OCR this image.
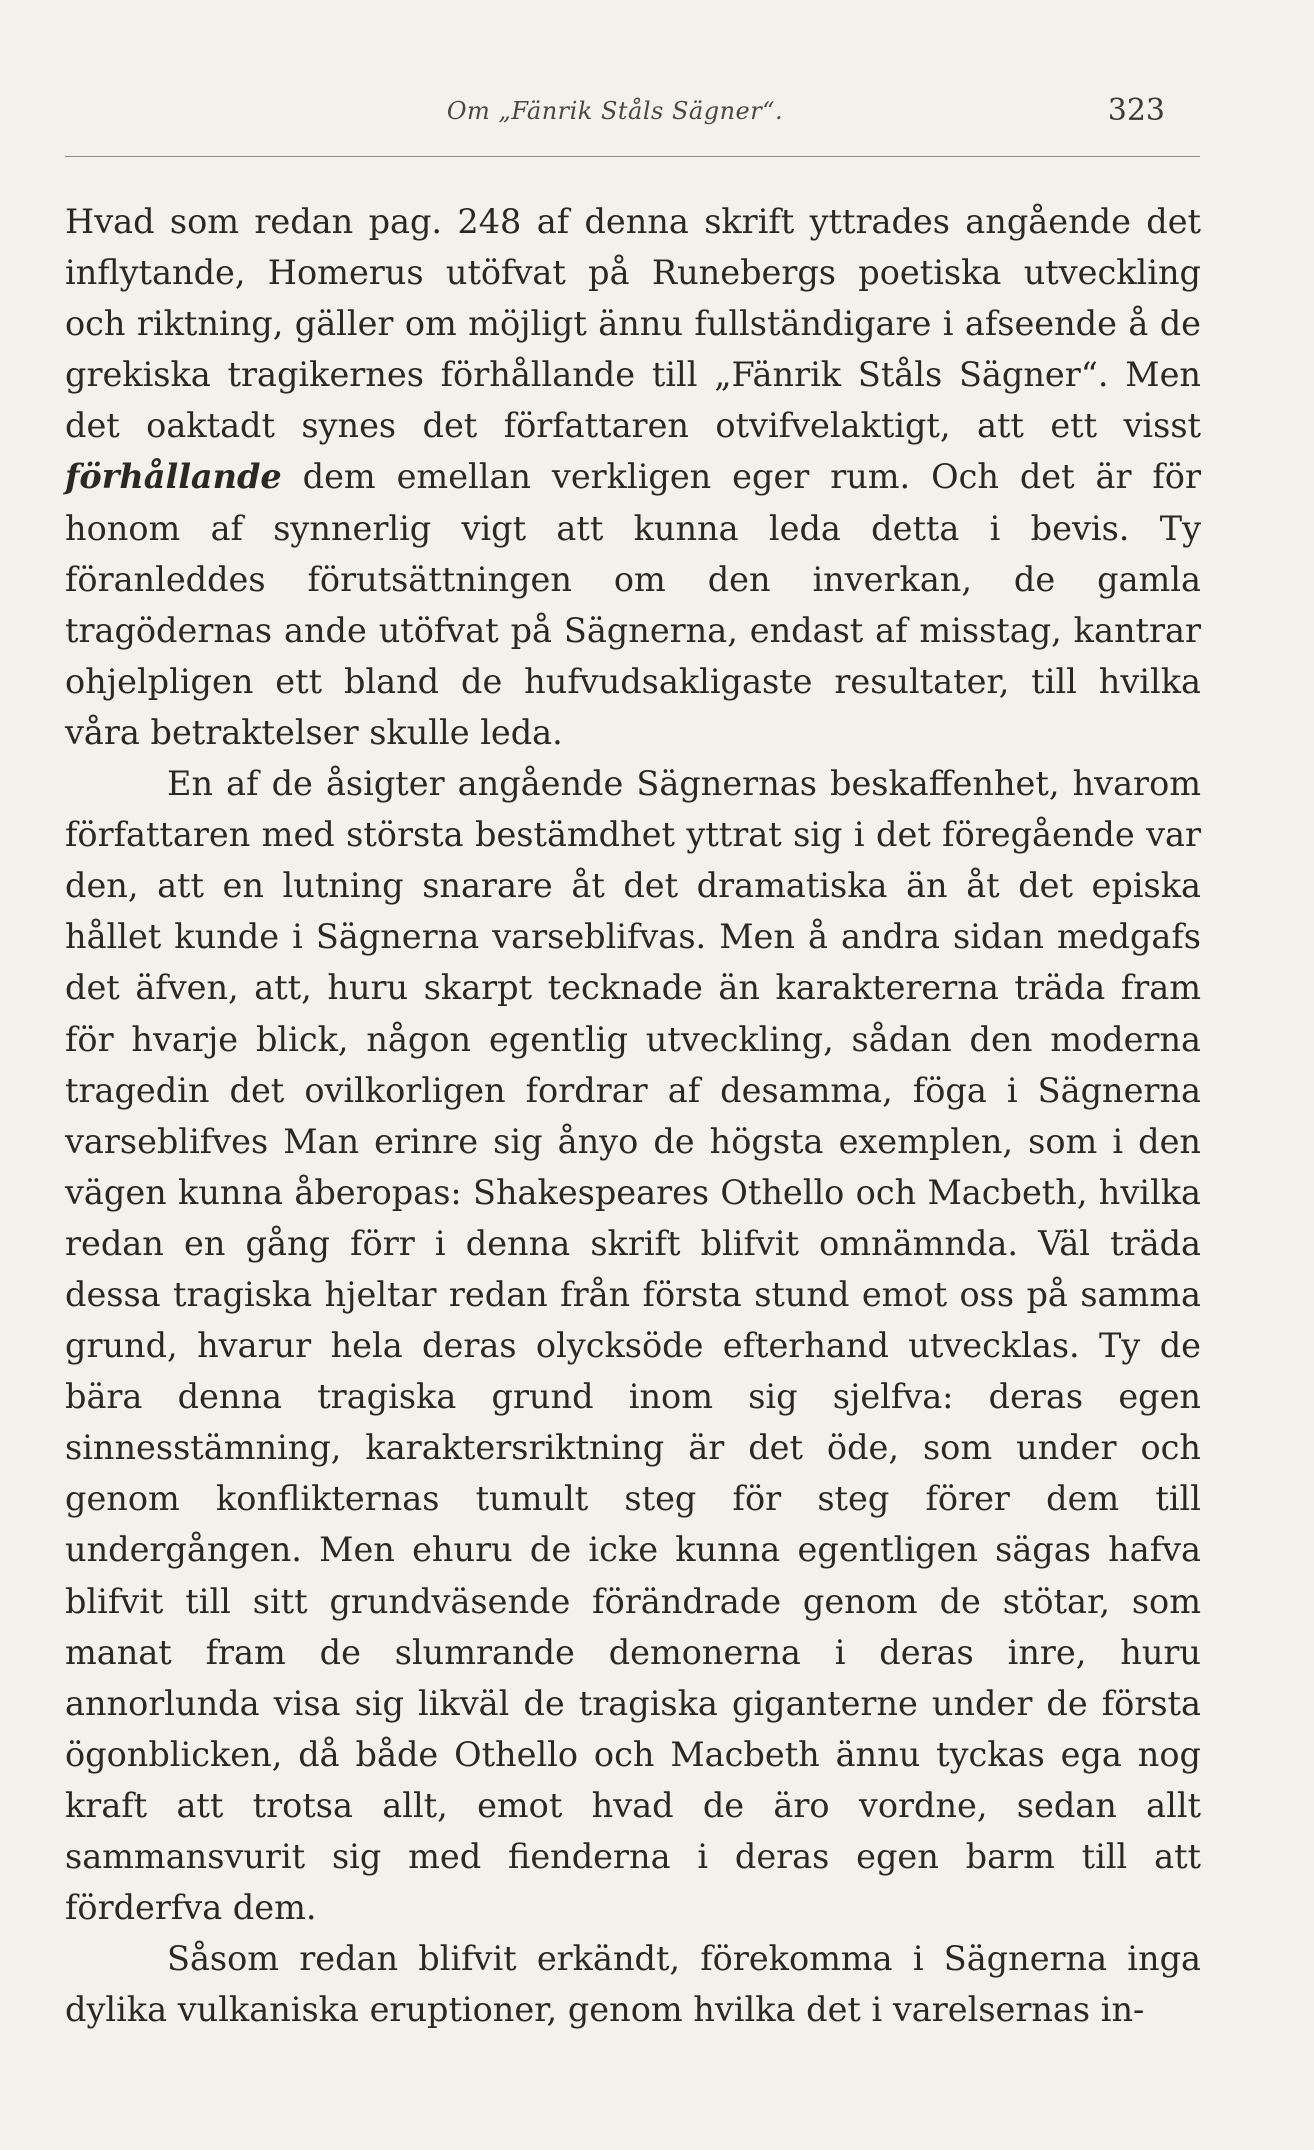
Om „Fänrik Ståls Sägner“.	323

Hvad som redan pag. 248 af denna skrift yttrades angående det inflytande, Homerus utöfvat på Runebergs poetiska utveckling och riktning, gäller om möjligt ännu fullständigare i afseende å de grekiska tragikernes förhållande till „Fänrik Ståls Sägner“. Men det oaktadt synes det författaren otvifvelaktigt, att ett visst förhållande dem emellan verkligen eger rum. Och det är för honom af synnerlig vigt att kunna leda detta i bevis. Ty föranleddes förutsättningen om den inverkan, de gamla tragödernas ande utöfvat på Sägnerna, endast af misstag, kantrar ohjelpligen ett bland de hufvudsakligaste resultater, till hvilka våra betraktelser skulle leda.

En af de åsigter angående Sägnernas beskaffenhet, hvarom författaren med största bestämdhet yttrat sig i det föregående var den, att en lutning snarare åt det dramatiska än åt det episka hållet kunde i Sägnerna varseblifvas. Men å andra sidan medgafs det äfven, att, huru skarpt tecknade än karaktererna träda fram för hvarje blick, någon egentlig utveckling, sådan den moderna tragedin det ovilkorligen fordrar af desamma, föga i Sägnerna varseblifves Man erinre sig ånyo de högsta exemplen, som i den vägen kunna åberopas: Shakespeares Othello och Macbeth, hvilka redan en gång förr i denna skrift blifvit omnämnda. Väl träda dessa tragiska hjeltar redan från första stund emot oss på samma grund, hvarur hela deras olycksöde efterhand utvecklas. Ty de bära denna tragiska grund inom sig sjelfva: deras egen sinnesstämning, karaktersriktning är det öde, som under och genom konflikternas tumult steg för steg förer dem till undergången. Men ehuru de icke kunna egentligen sägas hafva blifvit till sitt grundväsende förändrade genom de stötar, som manat fram de slumrande demonerna i deras inre, huru annorlunda visa sig likväl de tragiska giganterne under de första ögonblicken, då både Othello och Macbeth ännu tyckas ega nog kraft att trotsa allt, emot hvad de äro vordne, sedan allt sammansvurit sig med fienderna i deras egen barm till att förderfva dem.

Såsom redan blifvit erkändt, förekomma i Sägnerna inga dylika vulkaniska eruptioner, genom hvilka det i varelsernas in-
